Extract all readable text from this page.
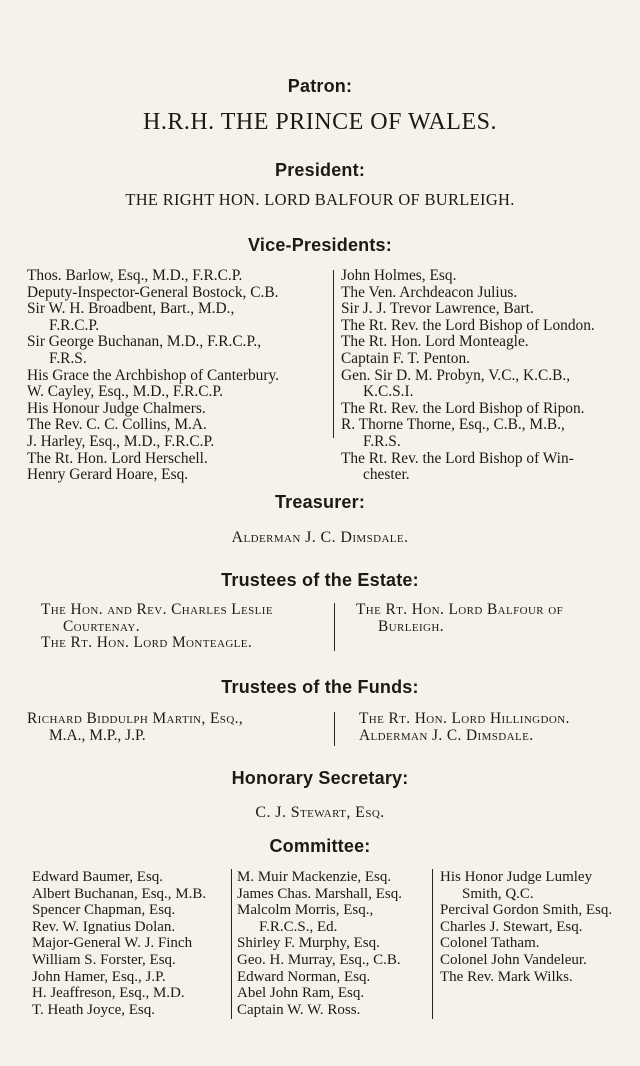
Patron:
H.R.H. THE PRINCE OF WALES.
President:
THE RIGHT HON. LORD BALFOUR OF BURLEIGH.
Vice-Presidents:
Thos. Barlow, Esq., M.D., F.R.C.P.
Deputy-Inspector-General Bostock, C.B.
Sir W. H. Broadbent, Bart., M.D.,
F.R.C.P.
Sir George Buchanan, M.D., F.R.C.P.,
F.R.S.
His Grace the Archbishop of Canterbury.
W. Cayley, Esq., M.D., F.R.C.P.
His Honour Judge Chalmers.
The Rev. C. C. Collins, M.A.
J. Harley, Esq., M.D., F.R.C.P.
The Rt. Hon. Lord Herschell.
Henry Gerard Hoare, Esq.
John Holmes, Esq.
The Ven. Archdeacon Julius.
Sir J. J. Trevor Lawrence, Bart.
The Rt. Rev. the Lord Bishop of London.
The Rt. Hon. Lord Monteagle.
Captain F. T. Penton.
Gen. Sir D. M. Probyn, V.C., K.C.B.,
K.C.S.I.
The Rt. Rev. the Lord Bishop of Ripon.
R. Thorne Thorne, Esq., C.B., M.B.,
F.R.S.
The Rt. Rev. the Lord Bishop of Win-
chester.
Treasurer:
Alderman J. C. Dimsdale.
Trustees of the Estate:
The Hon. and Rev. Charles Leslie
Courtenay.
The Rt. Hon. Lord Monteagle.
The Rt. Hon. Lord Balfour of
Burleigh.
Trustees of the Funds:
Richard Biddulph Martin, Esq.,
M.A., M.P., J.P.
The Rt. Hon. Lord Hillingdon.
Alderman J. C. Dimsdale.
Honorary Secretary:
C. J. Stewart, Esq.
Committee:
Edward Baumer, Esq.
Albert Buchanan, Esq., M.B.
Spencer Chapman, Esq.
Rev. W. Ignatius Dolan.
Major-General W. J. Finch
William S. Forster, Esq.
John Hamer, Esq., J.P.
H. Jeaffreson, Esq., M.D.
T. Heath Joyce, Esq.
M. Muir Mackenzie, Esq.
James Chas. Marshall, Esq.
Malcolm Morris, Esq.,
F.R.C.S., Ed.
Shirley F. Murphy, Esq.
Geo. H. Murray, Esq., C.B.
Edward Norman, Esq.
Abel John Ram, Esq.
Captain W. W. Ross.
His Honor Judge Lumley
Smith, Q.C.
Percival Gordon Smith, Esq.
Charles J. Stewart, Esq.
Colonel Tatham.
Colonel John Vandeleur.
The Rev. Mark Wilks.
